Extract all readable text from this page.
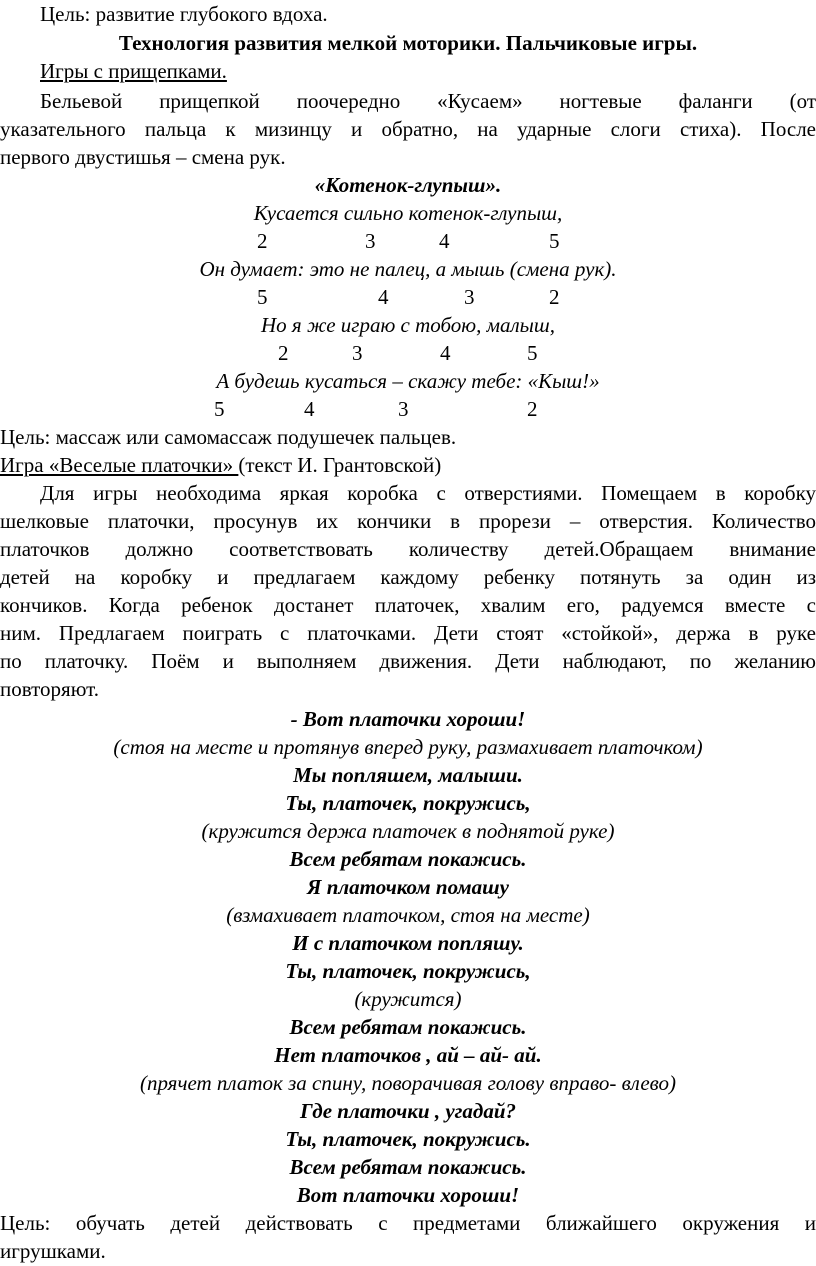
Цель: развитие глубокого вдоха.
Технология развития мелкой моторики. Пальчиковые игры.
Игры с прищепками.
Бельевой прищепкой поочередно «Кусаем» ногтевые фаланги (от
указательного пальца к мизинцу и обратно, на ударные слоги стиха). После
первого двустишья – смена рук.
«Котенок-глупыш».
Кусается сильно котенок-глупыш,
2	3	4	5
Он думает: это не палец, а мышь (смена рук).
5	4	3	2
Но я же играю с тобою, малыш,
2	3	4	5
А будешь кусаться – скажу тебе: «Кыш!»
5	4	3	2
Цель: массаж или самомассаж подушечек пальцев.
Игра «Веселые платочки» (текст И. Грантовской)
Для игры необходима яркая коробка с отверстиями. Помещаем в коробку
шелковые платочки, просунув их кончики в прорези – отверстия. Количество
платочков должно соответствовать количеству детей.Обращаем внимание
детей на коробку и предлагаем каждому ребенку потянуть за один из
кончиков. Когда ребенок достанет платочек, хвалим его, радуемся вместе с
ним. Предлагаем поиграть с платочками. Дети стоят «стойкой», держа в руке
по платочку. Поём и выполняем движения. Дети наблюдают, по желанию
повторяют.
- Вот платочки хороши!
(стоя на месте и протянув вперед руку, размахивает платочком)
Мы попляшем, малыши.
Ты, платочек, покружись,
(кружится держа платочек в поднятой руке)
Всем ребятам покажись.
Я платочком помашу
(взмахивает платочком, стоя на месте)
И с платочком попляшу.
Ты, платочек, покружись,
(кружится)
Всем ребятам покажись.
Нет платочков , ай – ай- ай.
(прячет платок за спину, поворачивая голову вправо- влево)
Где платочки , угадай?
Ты, платочек, покружись.
Всем ребятам покажись.
Вот платочки хороши!
Цель: обучать детей действовать с предметами ближайшего окружения и
игрушками.
